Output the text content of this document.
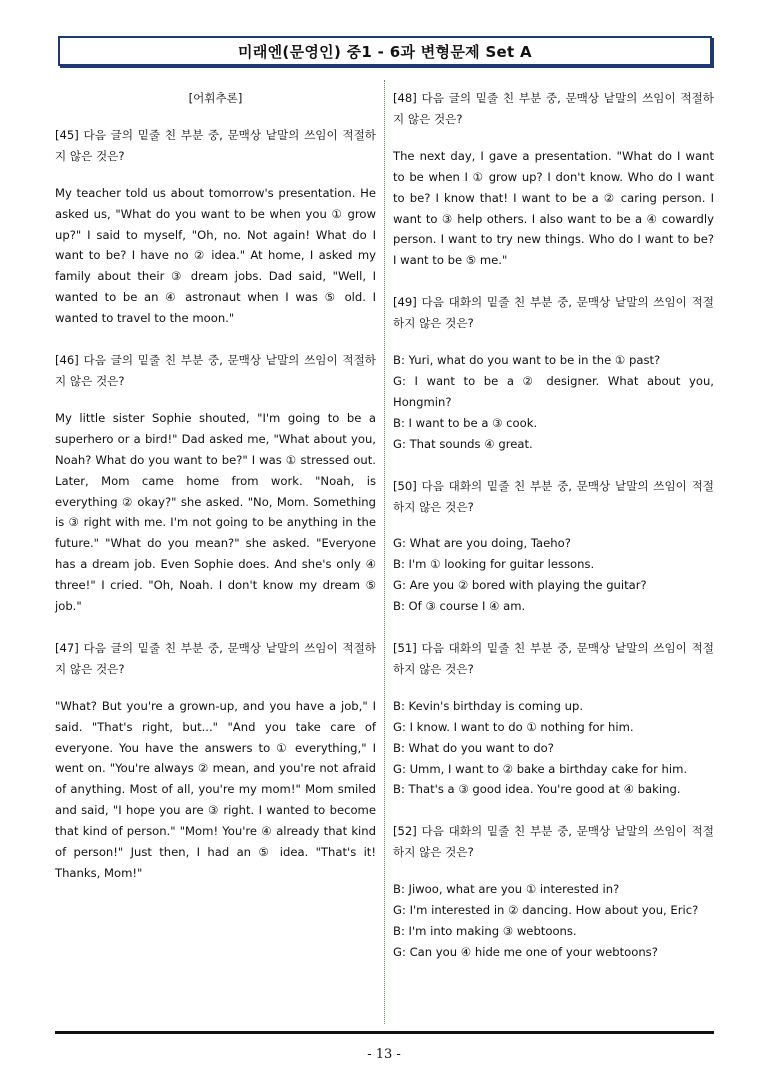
미래엔(문영인) 중1 - 6과 변형문제 Set A
[어휘추론]

[45] 다음 글의 밑줄 친 부분 중, 문맥상 낱말의 쓰임이 적절하지 않은 것은?

My teacher told us about tomorrow's presentation. He asked us, "What do you want to be when you ① grow up?" I said to myself, "Oh, no. Not again! What do I want to be? I have no ② idea." At home, I asked my family about their ③ dream jobs. Dad said, "Well, I wanted to be an ④ astronaut when I was ⑤ old. I wanted to travel to the moon."

[46] 다음 글의 밑줄 친 부분 중, 문맥상 낱말의 쓰임이 적절하지 않은 것은?

My little sister Sophie shouted, "I'm going to be a superhero or a bird!" Dad asked me, "What about you, Noah? What do you want to be?" I was ① stressed out. Later, Mom came home from work. "Noah, is everything ② okay?" she asked. "No, Mom. Something is ③ right with me. I'm not going to be anything in the future." "What do you mean?" she asked. "Everyone has a dream job. Even Sophie does. And she's only ④ three!" I cried. "Oh, Noah. I don't know my dream ⑤ job."

[47] 다음 글의 밑줄 친 부분 중, 문맥상 낱말의 쓰임이 적절하지 않은 것은?

"What? But you're a grown-up, and you have a job," I said. "That's right, but..." "And you take care of everyone. You have the answers to ① everything," I went on. "You're always ② mean, and you're not afraid of anything. Most of all, you're my mom!" Mom smiled and said, "I hope you are ③ right. I wanted to become that kind of person." "Mom! You're ④ already that kind of person!" Just then, I had an ⑤ idea. "That's it! Thanks, Mom!"

[48] 다음 글의 밑줄 친 부분 중, 문맥상 낱말의 쓰임이 적절하지 않은 것은?

The next day, I gave a presentation. "What do I want to be when I ① grow up? I don't know. Who do I want to be? I know that! I want to be a ② caring person. I want to ③ help others. I also want to be a ④ cowardly person. I want to try new things. Who do I want to be? I want to be ⑤ me."

[49] 다음 대화의 밑줄 친 부분 중, 문맥상 낱말의 쓰임이 적절하지 않은 것은?

B: Yuri, what do you want to be in the ① past?

G: I want to be a ② designer. What about you, Hongmin?

B: I want to be a ③ cook.

G: That sounds ④ great.

[50] 다음 대화의 밑줄 친 부분 중, 문맥상 낱말의 쓰임이 적절하지 않은 것은?

G: What are you doing, Taeho?

B: I'm ① looking for guitar lessons.

G: Are you ② bored with playing the guitar?

B: Of ③ course I ④ am.

[51] 다음 대화의 밑줄 친 부분 중, 문맥상 낱말의 쓰임이 적절하지 않은 것은?

B: Kevin's birthday is coming up.

G: I know. I want to do ① nothing for him.

B: What do you want to do?

G: Umm, I want to ② bake a birthday cake for him.

B: That's a ③ good idea. You're good at ④ baking.

[52] 다음 대화의 밑줄 친 부분 중, 문맥상 낱말의 쓰임이 적절하지 않은 것은?

B: Jiwoo, what are you ① interested in?

G: I'm interested in ② dancing. How about you, Eric?

B: I'm into making ③ webtoons.

G: Can you ④ hide me one of your webtoons?

- 13 -
